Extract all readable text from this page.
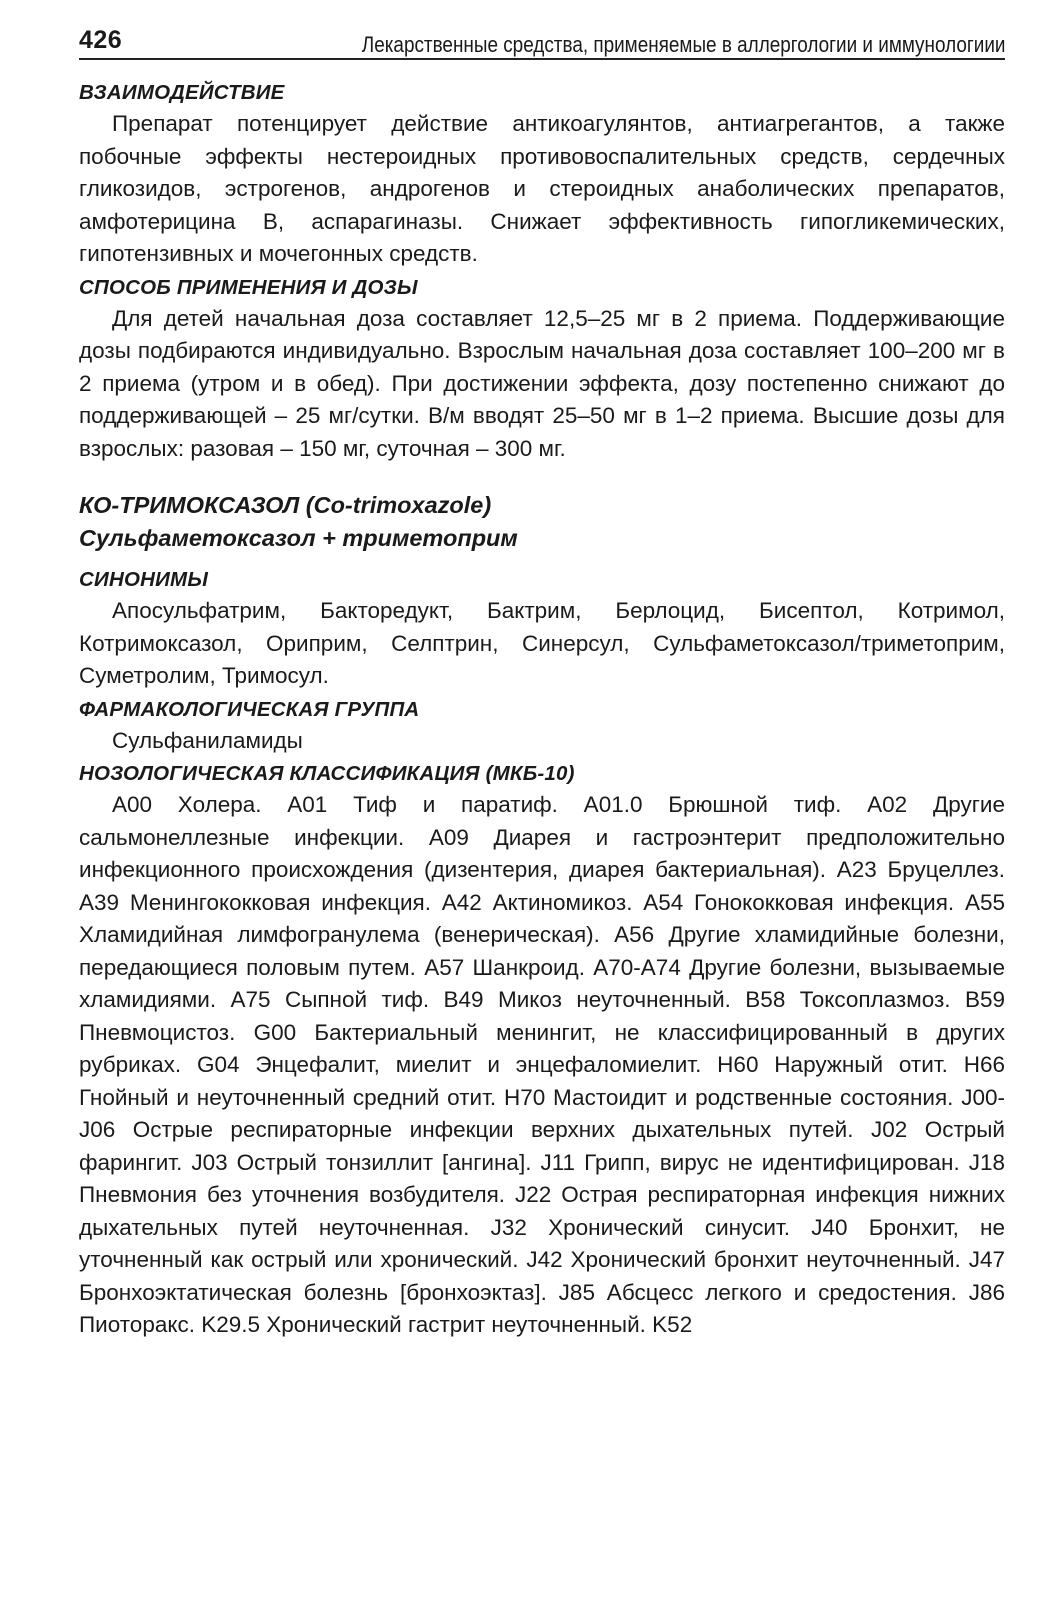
426	Лекарственные средства, применяемые в аллергологии и иммунологиии
ВЗАИМОДЕЙСТВИЕ

Препарат потенцирует действие антикоагулянтов, антиагрегантов, а также побочные эффекты нестероидных противовоспалительных средств, сердечных гликозидов, эстрогенов, андрогенов и стероидных анаболических препаратов, амфотерицина В, аспарагиназы. Снижает эффективность гипогликемических, гипотензивных и мочегонных средств.

СПОСОБ ПРИМЕНЕНИЯ И ДОЗЫ

Для детей начальная доза составляет 12,5–25 мг в 2 приема. Поддерживающие дозы подбираются индивидуально. Взрослым начальная доза составляет 100–200 мг в 2 приема (утром и в обед). При достижении эффекта, дозу постепенно снижают до поддерживающей – 25 мг/сутки. В/м вводят 25–50 мг в 1–2 приема. Высшие дозы для взрослых: разовая – 150 мг, суточная – 300 мг.

КО-ТРИМОКСАЗОЛ (Co-trimoxazole)
Сульфаметоксазол + триметоприм
СИНОНИМЫ

Апосульфатрим, Бакторедукт, Бактрим, Берлоцид, Бисептол, Котримол, Котримоксазол, Ориприм, Селптрин, Синерсул, Сульфаметоксазол/триметоприм, Суметролим, Тримосул.

ФАРМАКОЛОГИЧЕСКАЯ ГРУППА

Сульфаниламиды

НОЗОЛОГИЧЕСКАЯ КЛАССИФИКАЦИЯ (МКБ-10)

A00 Холера. A01 Тиф и паратиф. A01.0 Брюшной тиф. A02 Другие сальмонеллезные инфекции. A09 Диарея и гастроэнтерит предположительно инфекционного происхождения (дизентерия, диарея бактериальная). A23 Бруцеллез. A39 Менингококковая инфекция. A42 Актиномикоз. A54 Гонококковая инфекция. A55 Хламидийная лимфогранулема (венерическая). A56 Другие хламидийные болезни, передающиеся половым путем. A57 Шанкроид. A70-A74 Другие болезни, вызываемые хламидиями. A75 Сыпной тиф. B49 Микоз неуточненный. B58 Токсоплазмоз. B59 Пневмоцистоз. G00 Бактериальный менингит, не классифицированный в других рубриках. G04 Энцефалит, миелит и энцефаломиелит. H60 Наружный отит. H66 Гнойный и неуточненный средний отит. H70 Мастоидит и родственные состояния. J00-J06 Острые респираторные инфекции верхних дыхательных путей. J02 Острый фарингит. J03 Острый тонзиллит [ангина]. J11 Грипп, вирус не идентифицирован. J18 Пневмония без уточнения возбудителя. J22 Острая респираторная инфекция нижних дыхательных путей неуточненная. J32 Хронический синусит. J40 Бронхит, не уточненный как острый или хронический. J42 Хронический бронхит неуточненный. J47 Бронхоэктатическая болезнь [бронхоэктаз]. J85 Абсцесс легкого и средостения. J86 Пиоторакс. K29.5 Хронический гастрит неуточненный. K52
